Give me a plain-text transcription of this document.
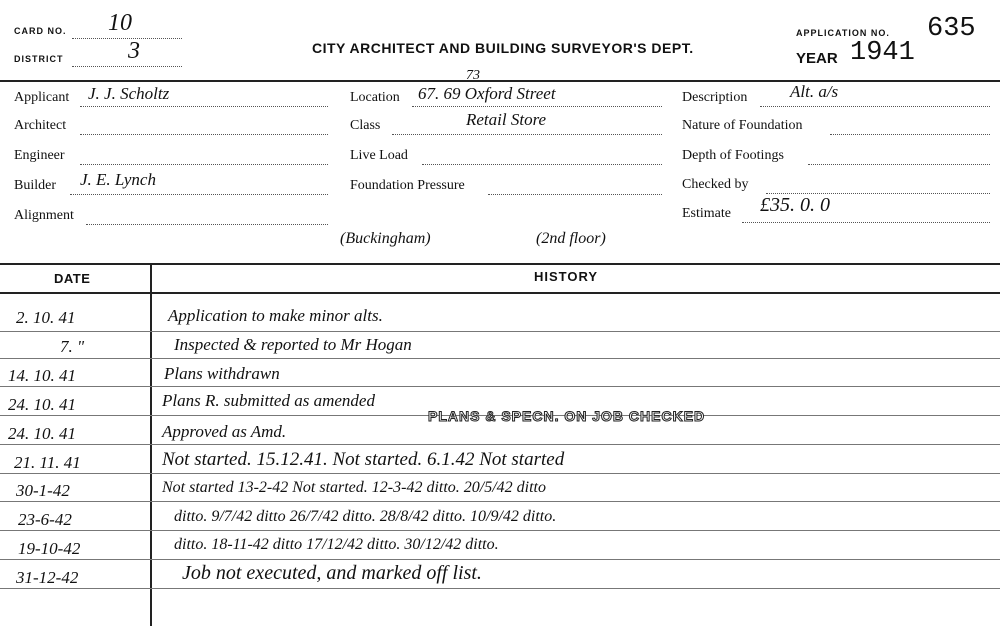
CARD NO. 10
DISTRICT	3	CITY ARCHITECT AND BUILDING SURVEYOR'S DEPT.
APPLICATION NO. 635
YEAR 1941
Applicant J. J. Scholtz
Architect
Engineer
Builder J. E. Lynch
Alignment
Location
73
67. 69 Oxford Street
Class	Retail Store
Live Load
Foundation Pressure
Description	Alt. a/s
Nature of Foundation
Depth of Footings
Checked by
Estimate £35. 0. 0
(Buckingham)	(2nd floor)
DATE	HISTORY
2. 10. 41	Application to make minor alts.
7. "	Inspected & reported to Mr Hogan
14. 10. 41	Plans withdrawn
24. 10. 41	Plans R. submitted as amended
24. 10. 41	Approved as Amd.
PLANS & SPECN. ON JOB CHECKED
21. 11. 41	Not started. 15.12.41. Not started. 6.1.42 Not started
30-1-42	Not started 13-2-42 Not started. 12-3-42 ditto. 20/5/42 ditto
23-6-42	ditto. 9/7/42 ditto 26/7/42 ditto. 28/8/42 ditto. 10/9/42 ditto.
19-10-42	ditto. 18-11-42 ditto 17/12/42 ditto. 30/12/42 ditto.
31-12-42	Job not executed, and marked off list.
